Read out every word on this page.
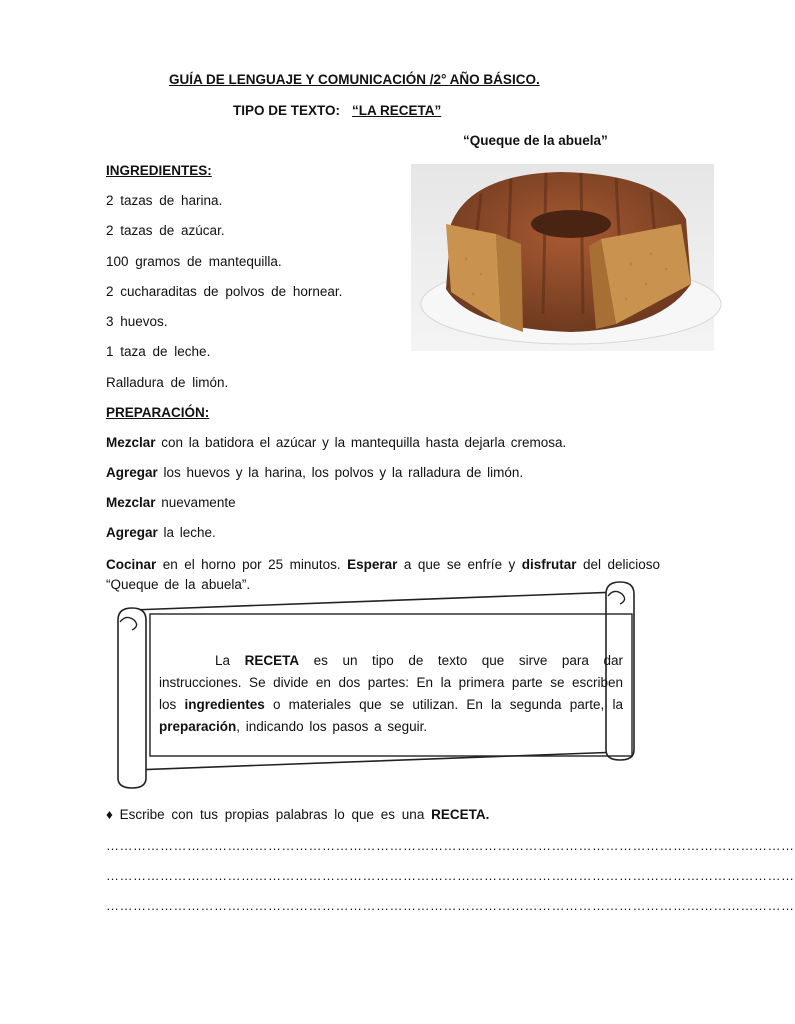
GUÍA DE LENGUAJE Y COMUNICACIÓN /2° AÑO BÁSICO.
TIPO DE TEXTO: “LA RECETA”
“Queque de la abuela”
INGREDIENTES:
2 tazas de harina.
2 tazas de azúcar.
100 gramos de mantequilla.
2 cucharaditas de polvos de hornear.
3 huevos.
1 taza de leche.
Ralladura de limón.
PREPARACIÓN:
Mezclar con la batidora el azúcar y la mantequilla hasta dejarla cremosa.
Agregar los huevos y la harina, los polvos y la ralladura de limón.
Mezclar nuevamente
Agregar la leche.
Cocinar en el horno por 25 minutos. Esperar a que se enfríe y disfrutar del delicioso “Queque de la abuela”.
La RECETA es un tipo de texto que sirve para dar instrucciones. Se divide en dos partes: En la primera parte se escriben los ingredientes o materiales que se utilizan. En la segunda parte, la preparación, indicando los pasos a seguir.
♦ Escribe con tus propias palabras lo que es una RECETA.
………………………………………………………………………………………………………………………………………
………………………………………………………………………………………………………………………………………
………………………………………………………………………………………………………………………………………
